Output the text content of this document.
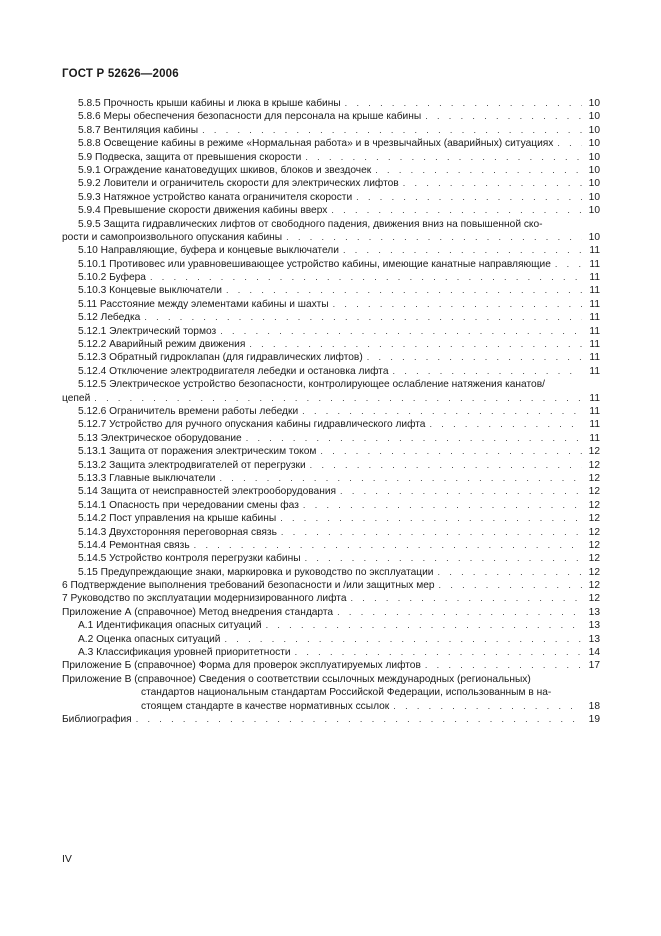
ГОСТ Р 52626—2006
5.8.5 Прочность крыши кабины и люка в крыше кабины . . .	10
5.8.6 Меры обеспечения безопасности для персонала на крыше кабины . . .	10
5.8.7 Вентиляция кабины . . .	10
5.8.8 Освещение кабины в режиме «Нормальная работа» и в чрезвычайных (аварийных) ситуациях . . .	10
5.9 Подвеска, защита от превышения скорости . . .	10
5.9.1 Ограждение канатоведущих шкивов, блоков и звездочек . . .	10
5.9.2 Ловители и ограничитель скорости для электрических лифтов . . .	10
5.9.3 Натяжное устройство каната ограничителя скорости . . .	10
5.9.4 Превышение скорости движения кабины вверх . . .	10
5.9.5 Защита гидравлических лифтов от свободного падения, движения вниз на повышенной ско-
рости и самопроизвольного опускания кабины . . .	10
5.10 Направляющие, буфера и концевые выключатели . . .	11
5.10.1 Противовес или уравновешивающее устройство кабины, имеющие канатные направляющие . . .	11
5.10.2 Буфера . . .	11
5.10.3 Концевые выключатели . . .	11
5.11 Расстояние между элементами кабины и шахты . . .	11
5.12 Лебедка . . .	11
5.12.1 Электрический тормоз . . .	11
5.12.2 Аварийный режим движения . . .	11
5.12.3 Обратный гидроклапан (для гидравлических лифтов) . . .	11
5.12.4 Отключение электродвигателя лебедки и остановка лифта . . .	11
5.12.5 Электрическое устройство безопасности, контролирующее ослабление натяжения канатов/
цепей . . .	11
5.12.6 Ограничитель времени работы лебедки . . .	11
5.12.7 Устройство для ручного опускания кабины гидравлического лифта . . .	11
5.13 Электрическое оборудование . . .	11
5.13.1 Защита от поражения электрическим током . . .	12
5.13.2 Защита электродвигателей от перегрузки . . .	12
5.13.3 Главные выключатели . . .	12
5.14 Защита от неисправностей электрооборудования . . .	12
5.14.1 Опасность при чередовании смены фаз . . .	12
5.14.2 Пост управления на крыше кабины . . .	12
5.14.3 Двухсторонняя переговорная связь . . .	12
5.14.4 Ремонтная связь . . .	12
5.14.5 Устройство контроля перегрузки кабины . . .	12
5.15 Предупреждающие знаки, маркировка и руководство по эксплуатации . . .	12
6 Подтверждение выполнения требований безопасности и /или защитных мер . . .	12
7 Руководство по эксплуатации модернизированного лифта . . .	12
Приложение А (справочное) Метод внедрения стандарта . . .	13
А.1 Идентификация опасных ситуаций . . .	13
А.2 Оценка опасных ситуаций . . .	13
А.3 Классификация уровней приоритетности . . .	14
Приложение Б (справочное) Форма для проверок эксплуатируемых лифтов . . .	17
Приложение В (справочное) Сведения о соответствии ссылочных международных (региональных)
стандартов национальным стандартам Российской Федерации, использованным в на-
стоящем стандарте в качестве нормативных ссылок . . .	18
Библиография . . .	19
IV
